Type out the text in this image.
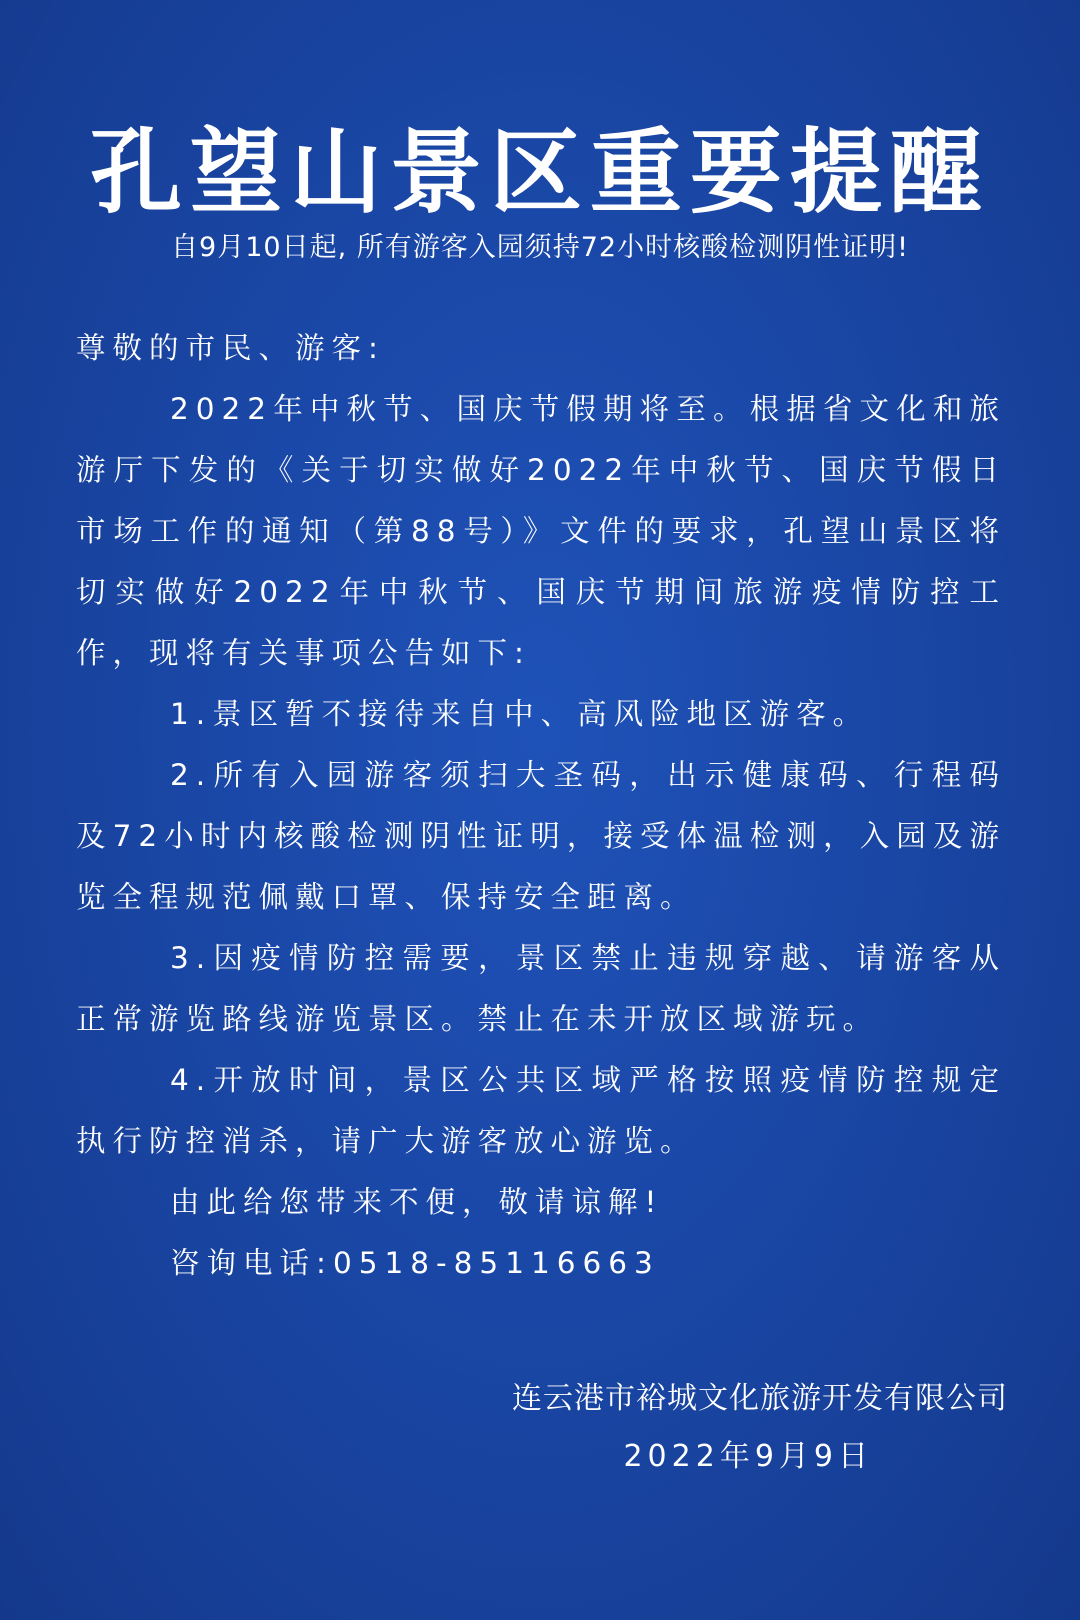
孔望山景区重要提醒
自9月10日起, 所有游客入园须持72小时核酸检测阴性证明!

尊敬的市民、游客:

2022年中秋节、国庆节假期将至。根据省文化和旅游厅下发的《关于切实做好2022年中秋节、国庆节假日市场工作的通知（第88号）》文件的要求，孔望山景区将切实做好2022年中秋节、国庆节期间旅游疫情防控工作，现将有关事项公告如下:

1.景区暂不接待来自中、高风险地区游客。

2.所有入园游客须扫大圣码，出示健康码、行程码及72小时内核酸检测阴性证明，接受体温检测，入园及游览全程规范佩戴口罩、保持安全距离。

3.因疫情防控需要，景区禁止违规穿越、请游客从正常游览路线游览景区。禁止在未开放区域游玩。

4.开放时间，景区公共区域严格按照疫情防控规定执行防控消杀，请广大游客放心游览。

由此给您带来不便，敬请谅解!

咨询电话:0518-85116663

连云港市裕城文化旅游开发有限公司
2022年9月9日
